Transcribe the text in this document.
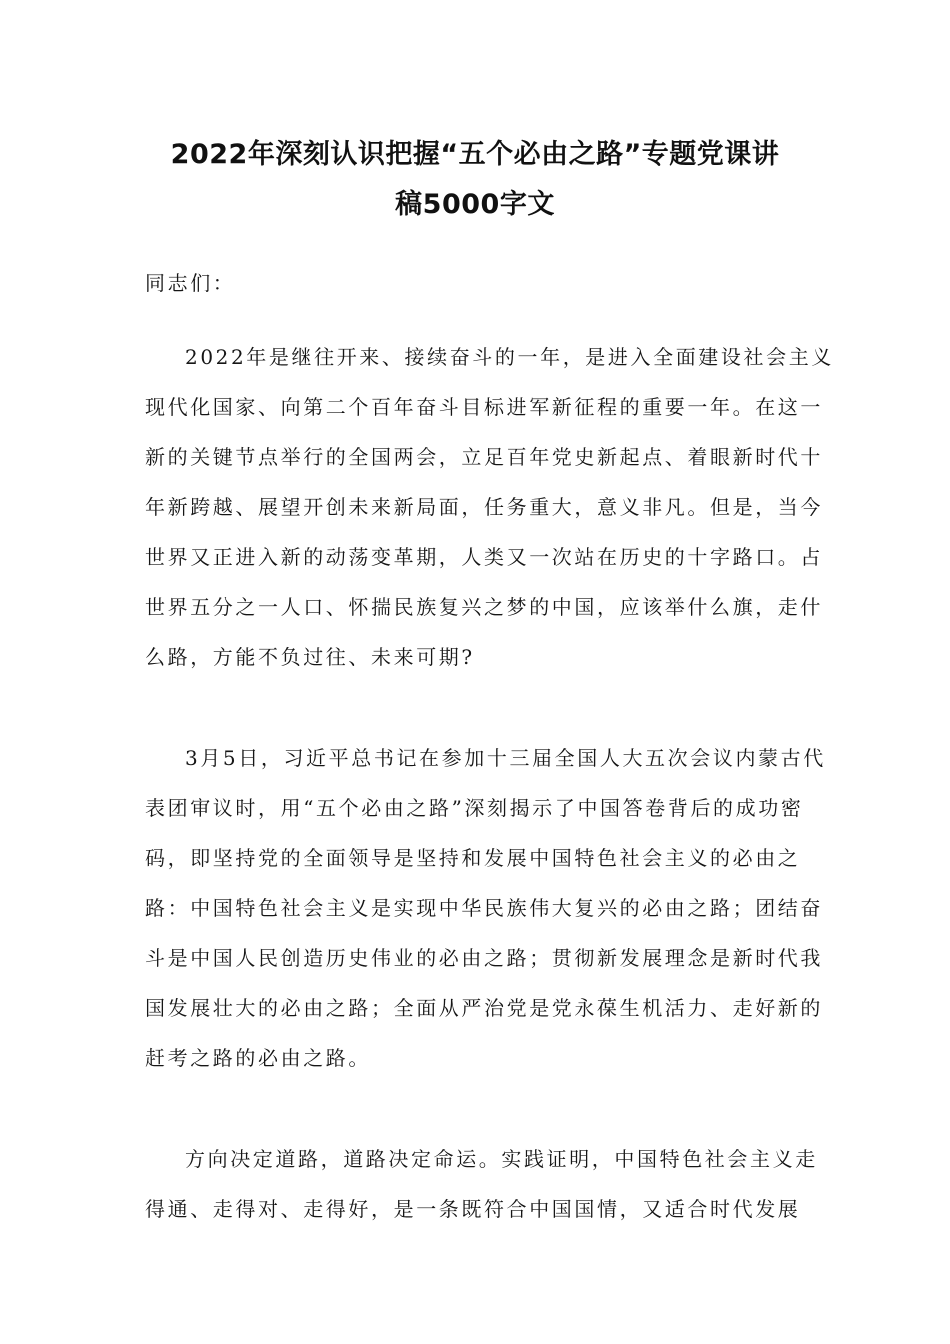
2022年深刻认识把握“五个必由之路”专题党课讲
稿5000字文
同志们：

2022年是继往开来、接续奋斗的一年，是进入全面建设社会主义现代化国家、向第二个百年奋斗目标进军新征程的重要一年。在这一新的关键节点举行的全国两会，立足百年党史新起点、着眼新时代十年新跨越、展望开创未来新局面，任务重大，意义非凡。但是，当今世界又正进入新的动荡变革期，人类又一次站在历史的十字路口。占世界五分之一人口、怀揣民族复兴之梦的中国，应该举什么旗，走什么路，方能不负过往、未来可期?

3月5日，习近平总书记在参加十三届全国人大五次会议内蒙古代表团审议时，用“五个必由之路”深刻揭示了中国答卷背后的成功密码，即坚持党的全面领导是坚持和发展中国特色社会主义的必由之路：中国特色社会主义是实现中华民族伟大复兴的必由之路；团结奋斗是中国人民创造历史伟业的必由之路；贯彻新发展理念是新时代我国发展壮大的必由之路；全面从严治党是党永葆生机活力、走好新的赶考之路的必由之路。

方向决定道路，道路决定命运。实践证明，中国特色社会主义走得通、走得对、走得好，是一条既符合中国国情，又适合时代发展
